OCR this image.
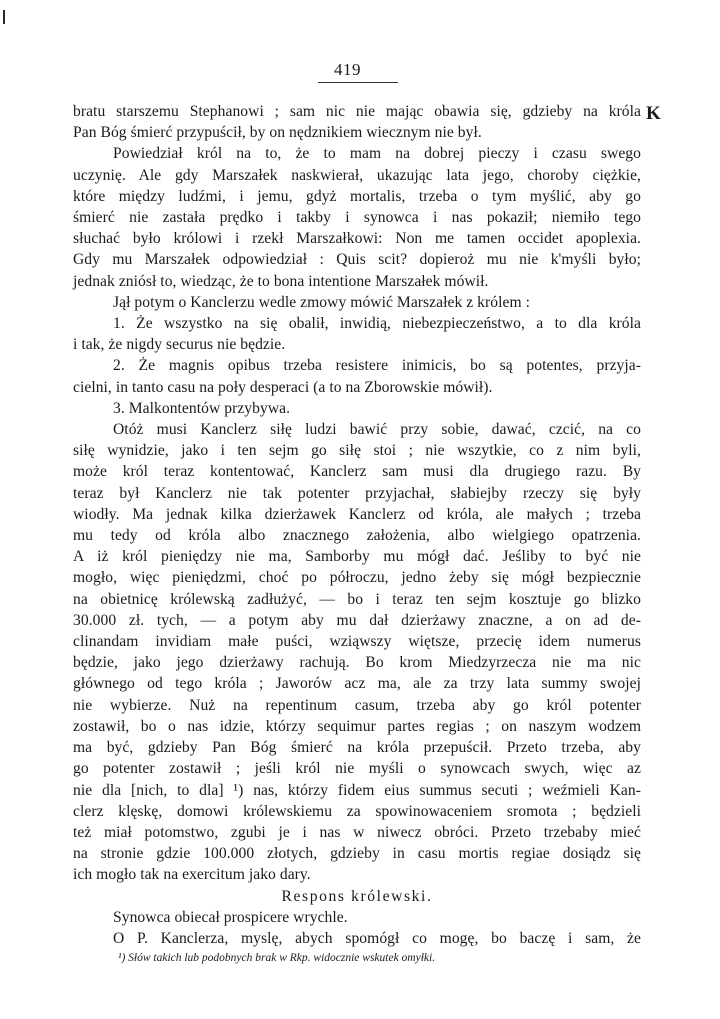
419
K
bratu starszemu Stephanowi ; sam nic nie mając obawia się, gdzieby na króla
Pan Bóg śmierć przypuścił, by on nędznikiem wiecznym nie był.
Powiedział król na to, że to mam na dobrej pieczy i czasu swego
uczynię. Ale gdy Marszałek naskwierał, ukazując lata jego, choroby ciężkie,
które między ludźmi, i jemu, gdyż mortalis, trzeba o tym myślić, aby go
śmierć nie zastała prędko i takby i synowca i nas pokaził; niemiło tego
słuchać było królowi i rzekł Marszałkowi: Non me tamen occidet apoplexia.
Gdy mu Marszałek odpowiedział : Quis scit? dopieroż mu nie k'myśli było;
jednak zniósł to, wiedząc, że to bona intentione Marszałek mówił.
Jął potym o Kanclerzu wedle zmowy mówić Marszałek z królem :
1. Że wszystko na się obalił, inwidią, niebezpieczeństwo, a to dla króla
i tak, że nigdy securus nie będzie.
2. Że magnis opibus trzeba resistere inimicis, bo są potentes, przyja-
cielni, in tanto casu na poły desperaci (a to na Zborowskie mówił).
3. Malkontentów przybywa.
Otóż musi Kanclerz siłę ludzi bawić przy sobie, dawać, czcić, na co
siłę wynidzie, jako i ten sejm go siłę stoi ; nie wszytkie, co z nim byli,
może król teraz kontentować, Kanclerz sam musi dla drugiego razu. By
teraz był Kanclerz nie tak potenter przyjachał, słabiejby rzeczy się były
wiodły. Ma jednak kilka dzierżawek Kanclerz od króla, ale małych ; trzeba
mu tedy od króla albo znacznego założenia, albo wielgiego opatrzenia.
A iż król pieniędzy nie ma, Samborby mu mógł dać. Jeśliby to być nie
mogło, więc pieniędzmi, choć po półroczu, jedno żeby się mógł bezpiecznie
na obietnicę królewską zadłużyć, — bo i teraz ten sejm kosztuje go blizko
30.000 zł. tych, — a potym aby mu dał dzierżawy znaczne, a on ad de-
clinandam invidiam małe puści, wziąwszy więtsze, przecię idem numerus
będzie, jako jego dzierżawy rachują. Bo krom Miedzyrzecza nie ma nic
głównego od tego króla ; Jaworów acz ma, ale za trzy lata summy swojej
nie wybierze. Nuż na repentinum casum, trzeba aby go król potenter
zostawił, bo o nas idzie, którzy sequimur partes regias ; on naszym wodzem
ma być, gdzieby Pan Bóg śmierć na króla przepuścił. Przeto trzeba, aby
go potenter zostawił ; jeśli król nie myśli o synowcach swych, więc az
nie dla [nich, to dla] ¹) nas, którzy fidem eius summus secuti ; weźmieli Kan-
clerz klęskę, domowi królewskiemu za spowinowaceniem sromota ; będzieli
też miał potomstwo, zgubi je i nas w niwecz obróci. Przeto trzebaby mieć
na stronie gdzie 100.000 złotych, gdzieby in casu mortis regiae dosiądz się
ich mogło tak na exercitum jako dary.
Respons królewski.
Synowca obiecał prospicere wrychle.
O P. Kanclerza, myslę, abych spomógł co mogę, bo baczę i sam, że
¹) Słów takich lub podobnych brak w Rkp. widocznie wskutek omyłki.
